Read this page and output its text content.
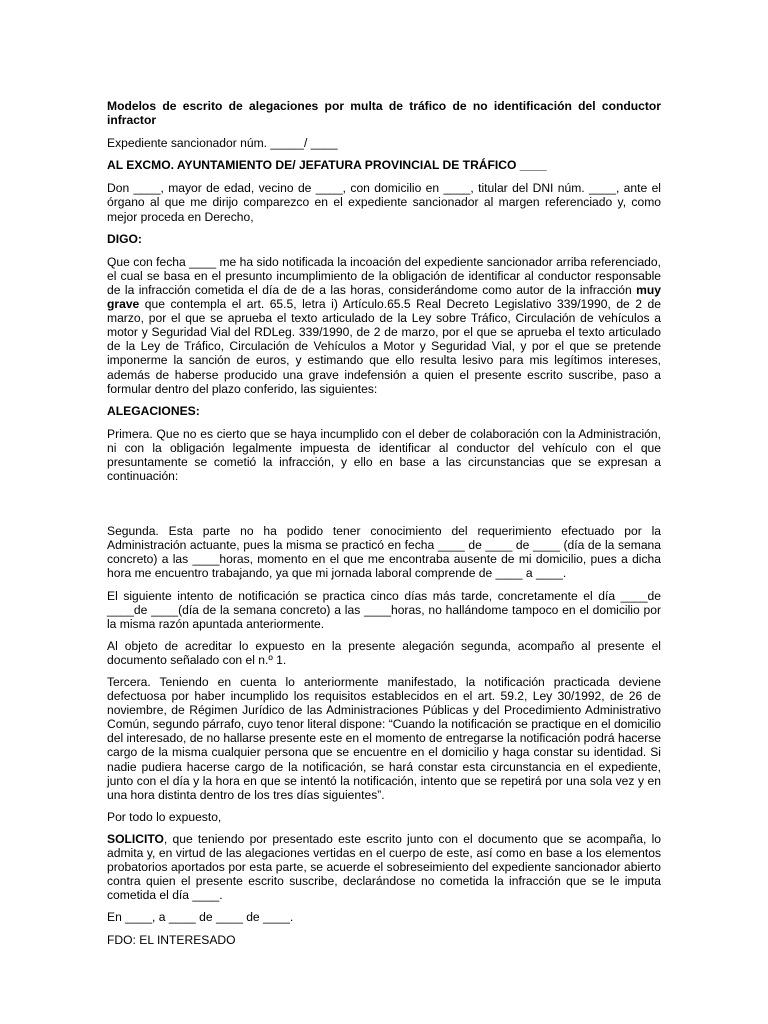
Modelos de escrito de alegaciones por multa de tráfico de no identificación del conductor infractor

Expediente sancionador núm. _____/ ____

AL EXCMO. AYUNTAMIENTO DE/ JEFATURA PROVINCIAL DE TRÁFICO ____

Don ____, mayor de edad, vecino de ____, con domicilio en ____, titular del DNI núm. ____, ante el órgano al que me dirijo comparezco en el expediente sancionador al margen referenciado y, como mejor proceda en Derecho,

DIGO:

Que con fecha ____ me ha sido notificada la incoación del expediente sancionador arriba referenciado, el cual se basa en el presunto incumplimiento de la obligación de identificar al conductor responsable de la infracción cometida el día de de a las horas, considerándome como autor de la infracción muy grave que contempla el art. 65.5, letra i) Artículo.65.5 Real Decreto Legislativo 339/1990, de 2 de marzo, por el que se aprueba el texto articulado de la Ley sobre Tráfico, Circulación de vehículos a motor y Seguridad Vial del RDLeg. 339/1990, de 2 de marzo, por el que se aprueba el texto articulado de la Ley de Tráfico, Circulación de Vehículos a Motor y Seguridad Vial, y por el que se pretende imponerme la sanción de euros, y estimando que ello resulta lesivo para mis legítimos intereses, además de haberse producido una grave indefensión a quien el presente escrito suscribe, paso a formular dentro del plazo conferido, las siguientes:

ALEGACIONES:

Primera. Que no es cierto que se haya incumplido con el deber de colaboración con la Administración, ni con la obligación legalmente impuesta de identificar al conductor del vehículo con el que presuntamente se cometió la infracción, y ello en base a las circunstancias que se expresan a continuación:

Segunda. Esta parte no ha podido tener conocimiento del requerimiento efectuado por la Administración actuante, pues la misma se practicó en fecha ____ de ____ de ____ (día de la semana concreto) a las ____horas, momento en el que me encontraba ausente de mi domicilio, pues a dicha hora me encuentro trabajando, ya que mi jornada laboral comprende de ____ a ____.

El siguiente intento de notificación se practica cinco días más tarde, concretamente el día ____de ____de ____(día de la semana concreto) a las ____horas, no hallándome tampoco en el domicilio por la misma razón apuntada anteriormente.

Al objeto de acreditar lo expuesto en la presente alegación segunda, acompaño al presente el documento señalado con el n.º 1.

Tercera. Teniendo en cuenta lo anteriormente manifestado, la notificación practicada deviene defectuosa por haber incumplido los requisitos establecidos en el art. 59.2, Ley 30/1992, de 26 de noviembre, de Régimen Jurídico de las Administraciones Públicas y del Procedimiento Administrativo Común, segundo párrafo, cuyo tenor literal dispone: “Cuando la notificación se practique en el domicilio del interesado, de no hallarse presente este en el momento de entregarse la notificación podrá hacerse cargo de la misma cualquier persona que se encuentre en el domicilio y haga constar su identidad. Si nadie pudiera hacerse cargo de la notificación, se hará constar esta circunstancia en el expediente, junto con el día y la hora en que se intentó la notificación, intento que se repetirá por una sola vez y en una hora distinta dentro de los tres días siguientes”.

Por todo lo expuesto,

SOLICITO, que teniendo por presentado este escrito junto con el documento que se acompaña, lo admita y, en virtud de las alegaciones vertidas en el cuerpo de este, así como en base a los elementos probatorios aportados por esta parte, se acuerde el sobreseimiento del expediente sancionador abierto contra quien el presente escrito suscribe, declarándose no cometida la infracción que se le imputa cometida el día ____.

En ____, a ____ de ____ de ____.

FDO: EL INTERESADO
